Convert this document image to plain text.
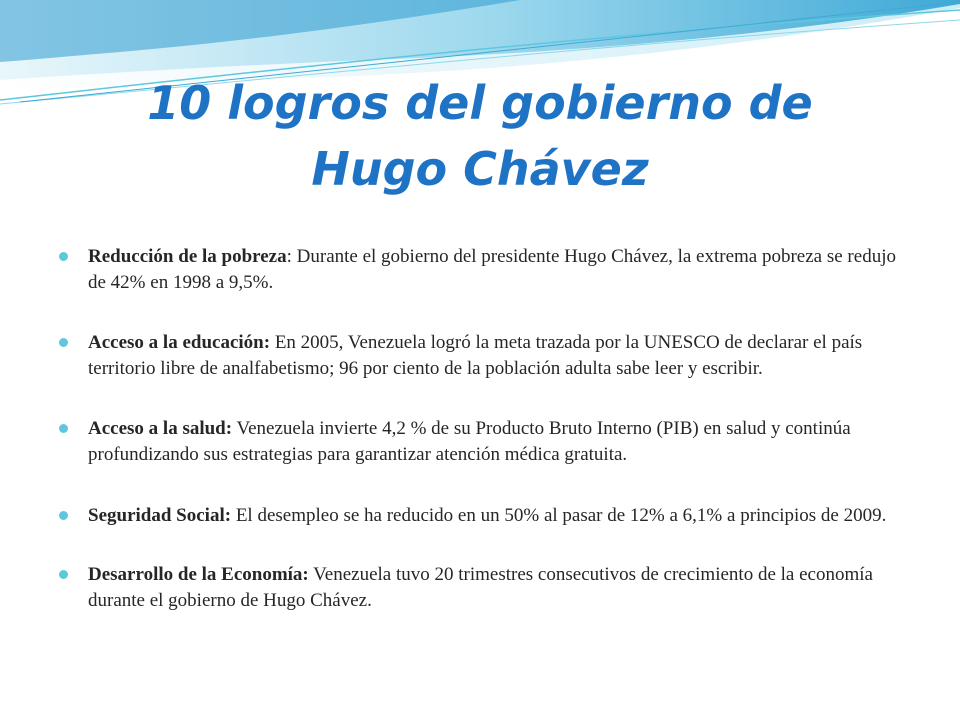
10 logros del gobierno de
Hugo Chávez
Reducción de la pobreza: Durante el gobierno del presidente Hugo Chávez, la extrema pobreza se redujo de 42% en 1998 a 9,5%.
Acceso a la educación: En 2005, Venezuela logró la meta trazada por la UNESCO de declarar el país territorio libre de analfabetismo; 96 por ciento de la población adulta sabe leer y escribir.
Acceso a la salud: Venezuela invierte 4,2 % de su Producto Bruto Interno (PIB) en salud y continúa profundizando sus estrategias para garantizar atención médica gratuita.
Seguridad Social: El desempleo se ha reducido en un 50% al pasar de 12% a 6,1% a principios de 2009.
Desarrollo de la Economía: Venezuela tuvo 20 trimestres consecutivos de crecimiento de la economía durante el gobierno de Hugo Chávez.
